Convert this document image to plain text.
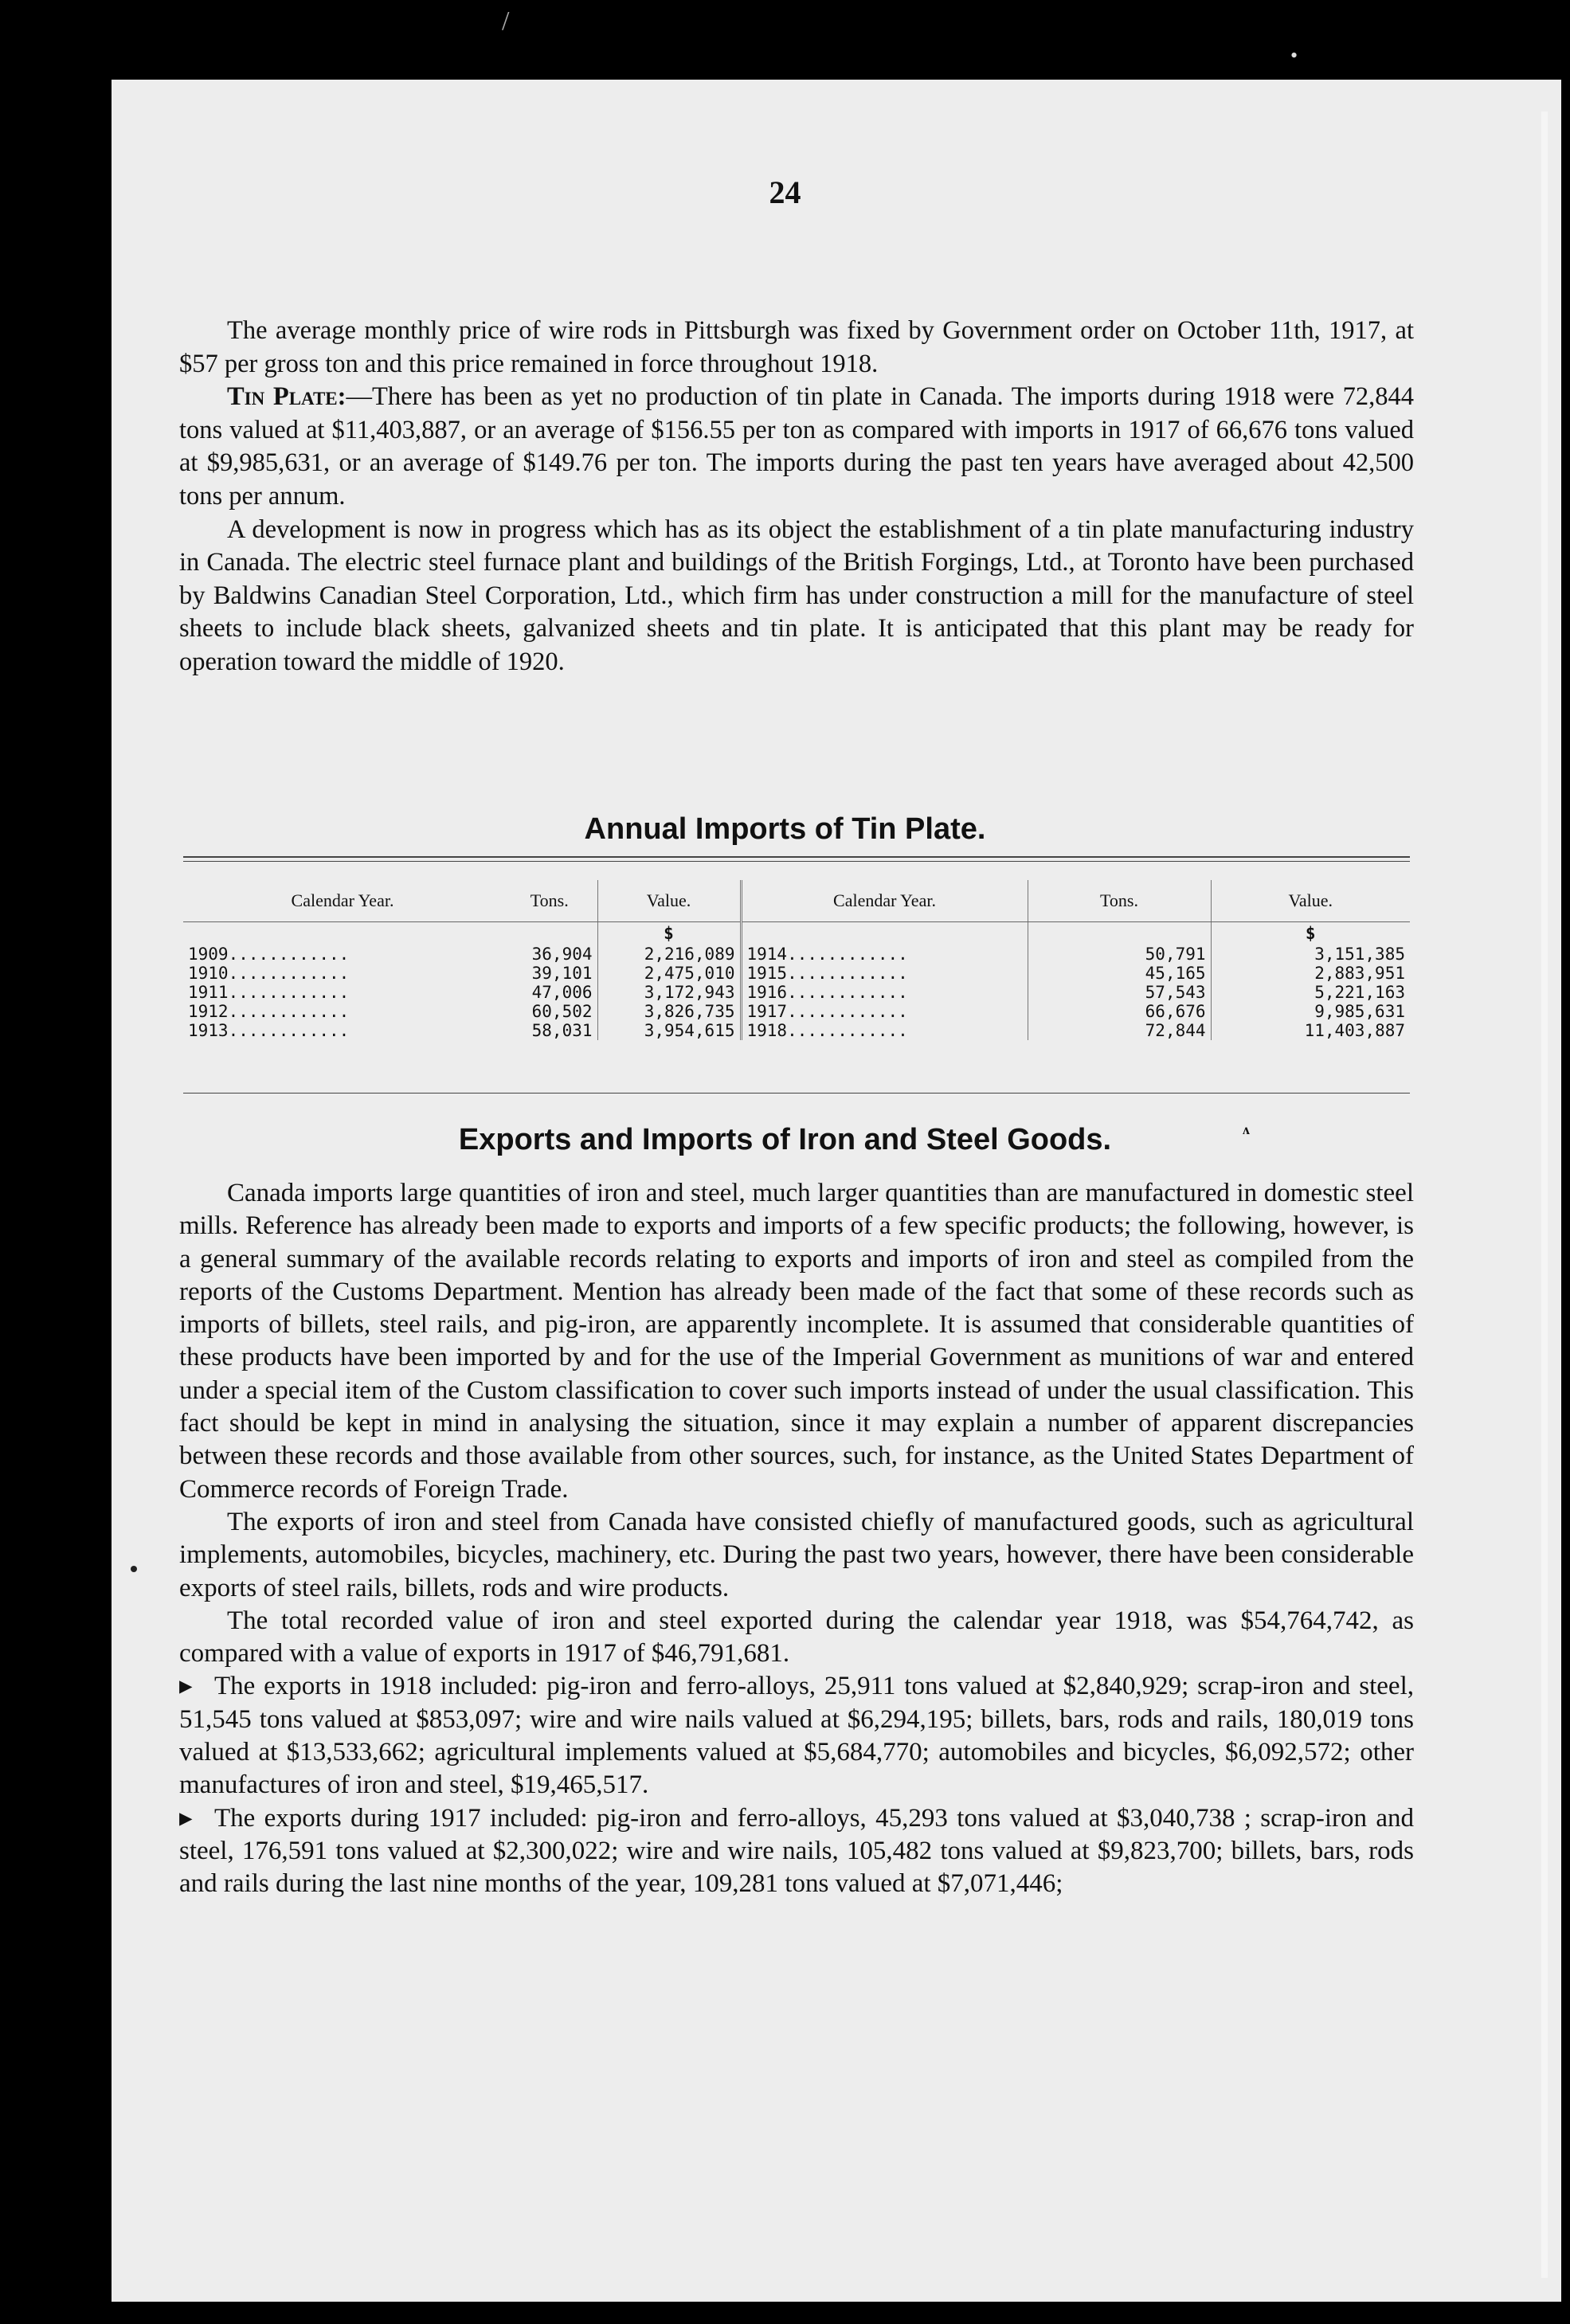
/
•
24

The average monthly price of wire rods in Pittsburgh was fixed by Government order on October 11th, 1917, at $57 per gross ton and this price remained in force throughout 1918.

Tin Plate:—There has been as yet no production of tin plate in Canada. The imports during 1918 were 72,844 tons valued at $11,403,887, or an average of $156.55 per ton as compared with imports in 1917 of 66,676 tons valued at $9,985,631, or an average of $149.76 per ton. The imports during the past ten years have averaged about 42,500 tons per annum.

A development is now in progress which has as its object the establishment of a tin plate manufacturing industry in Canada. The electric steel furnace plant and buildings of the British Forgings, Ltd., at Toronto have been purchased by Baldwins Canadian Steel Corporation, Ltd., which firm has under construction a mill for the manufacture of steel sheets to include black sheets, galvanized sheets and tin plate. It is anticipated that this plant may be ready for operation toward the middle of 1920.

Annual Imports of Tin Plate.
Calendar Year.	Tons.	Value.	Calendar Year.	Tons.	Value.
		$			$
1909............	36,904	2,216,089	1914............	50,791	3,151,385
1910............	39,101	2,475,010	1915............	45,165	2,883,951
1911............	47,006	3,172,943	1916............	57,543	5,221,163
1912............	60,502	3,826,735	1917............	66,676	9,985,631
1913............	58,031	3,954,615	1918............	72,844	11,403,887
ʌ
Exports and Imports of Iron and Steel Goods.

Canada imports large quantities of iron and steel, much larger quantities than are manufactured in domestic steel mills. Reference has already been made to exports and imports of a few specific products; the following, however, is a general summary of the available records relating to exports and imports of iron and steel as compiled from the reports of the Customs Department. Mention has already been made of the fact that some of these records such as imports of billets, steel rails, and pig-iron, are apparently incomplete. It is assumed that considerable quantities of these products have been imported by and for the use of the Imperial Government as munitions of war and entered under a special item of the Custom classification to cover such imports instead of under the usual classification. This fact should be kept in mind in analysing the situation, since it may explain a number of apparent discrepancies between these records and those available from other sources, such, for instance, as the United States Department of Commerce records of Foreign Trade.

The exports of iron and steel from Canada have consisted chiefly of manufactured goods, such as agricultural implements, automobiles, bicycles, machinery, etc. During the past two years, however, there have been considerable exports of steel rails, billets, rods and wire products.

The total recorded value of iron and steel exported during the calendar year 1918, was $54,764,742, as compared with a value of exports in 1917 of $46,791,681.

▸ The exports in 1918 included: pig-iron and ferro-alloys, 25,911 tons valued at $2,840,929; scrap-iron and steel, 51,545 tons valued at $853,097; wire and wire nails valued at $6,294,195; billets, bars, rods and rails, 180,019 tons valued at $13,533,662; agricultural implements valued at $5,684,770; automobiles and bicycles, $6,092,572; other manufactures of iron and steel, $19,465,517.

▸ The exports during 1917 included: pig-iron and ferro-alloys, 45,293 tons valued at $3,040,738 ; scrap-iron and steel, 176,591 tons valued at $2,300,022; wire and wire nails, 105,482 tons valued at $9,823,700; billets, bars, rods and rails during the last nine months of the year, 109,281 tons valued at $7,071,446;
